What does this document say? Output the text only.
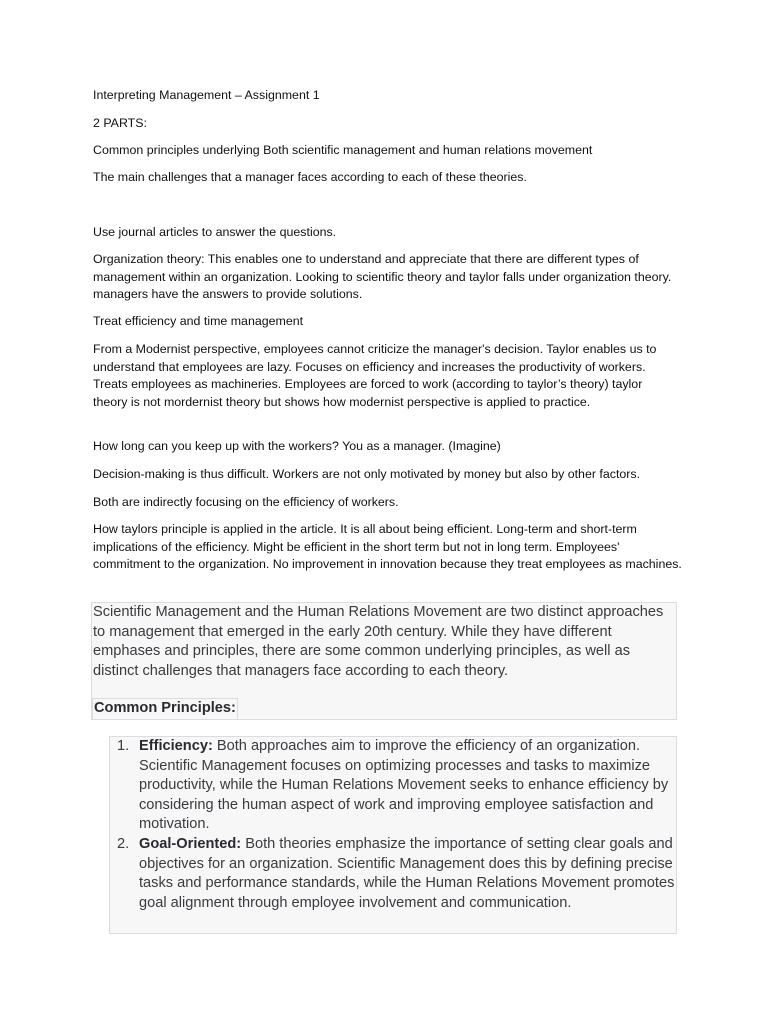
Interpreting Management – Assignment 1

2 PARTS:

Common principles underlying Both scientific management and human relations movement

The main challenges that a manager faces according to each of these theories.

Use journal articles to answer the questions.

Organization theory: This enables one to understand and appreciate that there are different types of management within an organization. Looking to scientific theory and taylor falls under organization theory. managers have the answers to provide solutions.

Treat efficiency and time management

From a Modernist perspective, employees cannot criticize the manager's decision. Taylor enables us to understand that employees are lazy. Focuses on efficiency and increases the productivity of workers. Treats employees as machineries. Employees are forced to work (according to taylor’s theory) taylor theory is not mordernist theory but shows how modernist perspective is applied to practice.

How long can you keep up with the workers? You as a manager. (Imagine)

Decision-making is thus difficult. Workers are not only motivated by money but also by other factors.

Both are indirectly focusing on the efficiency of workers.

How taylors principle is applied in the article. It is all about being efficient. Long-term and short-term implications of the efficiency. Might be efficient in the short term but not in long term. Employees' commitment to the organization. No improvement in innovation because they treat employees as machines.

Scientific Management and the Human Relations Movement are two distinct approaches to management that emerged in the early 20th century. While they have different emphases and principles, there are some common underlying principles, as well as distinct challenges that managers face according to each theory.

Common Principles:
1. Efficiency: Both approaches aim to improve the efficiency of an organization. Scientific Management focuses on optimizing processes and tasks to maximize productivity, while the Human Relations Movement seeks to enhance efficiency by considering the human aspect of work and improving employee satisfaction and motivation.
2. Goal-Oriented: Both theories emphasize the importance of setting clear goals and objectives for an organization. Scientific Management does this by defining precise tasks and performance standards, while the Human Relations Movement promotes goal alignment through employee involvement and communication.
